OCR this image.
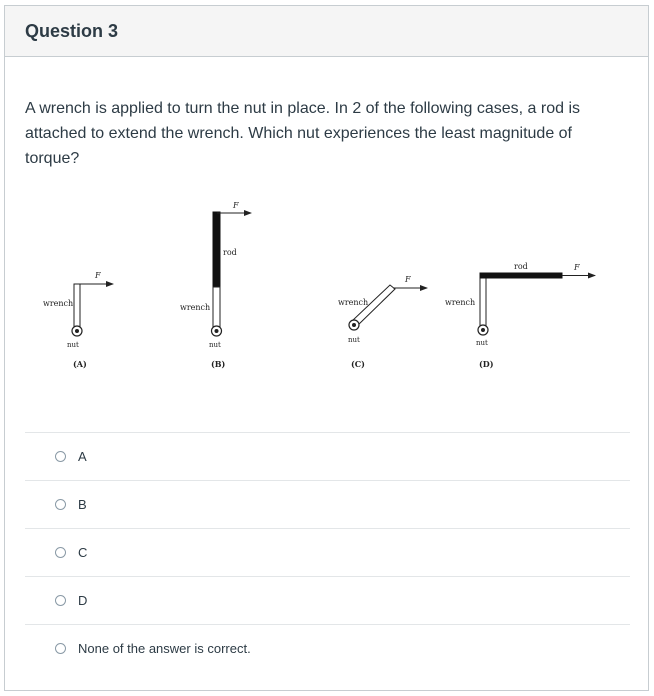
Question 3

A wrench is applied to turn the nut in place. In 2 of the following cases, a rod is attached to extend the wrench. Which nut experiences the least magnitude of torque?

F
wrench
nut
(A)
F
rod
wrench
nut
(B)
F
wrench
nut
(C)
F
rod
wrench
nut
(D)
A
B
C
D
None of the answer is correct.
